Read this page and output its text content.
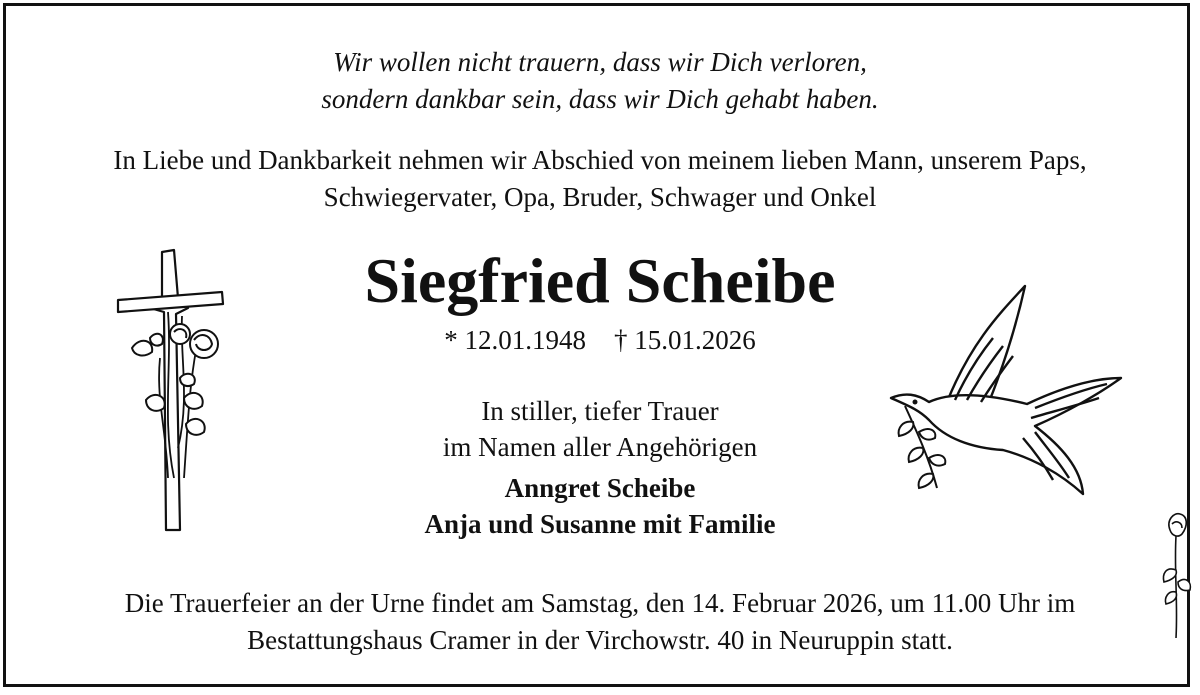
Wir wollen nicht trauern, dass wir Dich verloren,
sondern dankbar sein, dass wir Dich gehabt haben.
In Liebe und Dankbarkeit nehmen wir Abschied von meinem lieben Mann, unserem Paps,
Schwiegervater, Opa, Bruder, Schwager und Onkel
Siegfried Scheibe
* 12.01.1948 † 15.01.2026
In stiller, tiefer Trauer
im Namen aller Angehörigen
Anngret Scheibe
Anja und Susanne mit Familie
Die Trauerfeier an der Urne findet am Samstag, den 14. Februar 2026, um 11.00 Uhr im
Bestattungshaus Cramer in der Virchowstr. 40 in Neuruppin statt.
